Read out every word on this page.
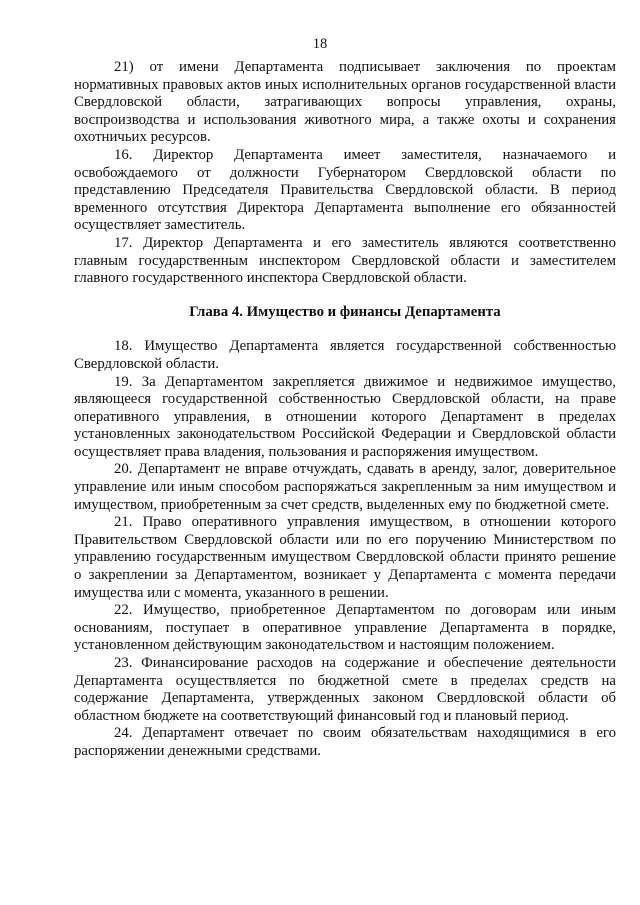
18

21) от имени Департамента подписывает заключения по проектам нормативных правовых актов иных исполнительных органов государственной власти Свердловской области, затрагивающих вопросы управления, охраны, воспроизводства и использования животного мира, а также охоты и сохранения охотничьих ресурсов.

16. Директор Департамента имеет заместителя, назначаемого и освобождаемого от должности Губернатором Свердловской области по представлению Председателя Правительства Свердловской области. В период временного отсутствия Директора Департамента выполнение его обязанностей осуществляет заместитель.

17. Директор Департамента и его заместитель являются соответственно главным государственным инспектором Свердловской области и заместителем главного государственного инспектора Свердловской области.

Глава 4. Имущество и финансы Департамента

18. Имущество Департамента является государственной собственностью Свердловской области.

19. За Департаментом закрепляется движимое и недвижимое имущество, являющееся государственной собственностью Свердловской области, на праве оперативного управления, в отношении которого Департамент в пределах установленных законодательством Российской Федерации и Свердловской области осуществляет права владения, пользования и распоряжения имуществом.

20. Департамент не вправе отчуждать, сдавать в аренду, залог, доверительное управление или иным способом распоряжаться закрепленным за ним имуществом и имуществом, приобретенным за счет средств, выделенных ему по бюджетной смете.

21. Право оперативного управления имуществом, в отношении которого Правительством Свердловской области или по его поручению Министерством по управлению государственным имуществом Свердловской области принято решение о закреплении за Департаментом, возникает у Департамента с момента передачи имущества или с момента, указанного в решении.

22. Имущество, приобретенное Департаментом по договорам или иным основаниям, поступает в оперативное управление Департамента в порядке, установленном действующим законодательством и настоящим положением.

23. Финансирование расходов на содержание и обеспечение деятельности Департамента осуществляется по бюджетной смете в пределах средств на содержание Департамента, утвержденных законом Свердловской области об областном бюджете на соответствующий финансовый год и плановый период.

24. Департамент отвечает по своим обязательствам находящимися в его распоряжении денежными средствами.
